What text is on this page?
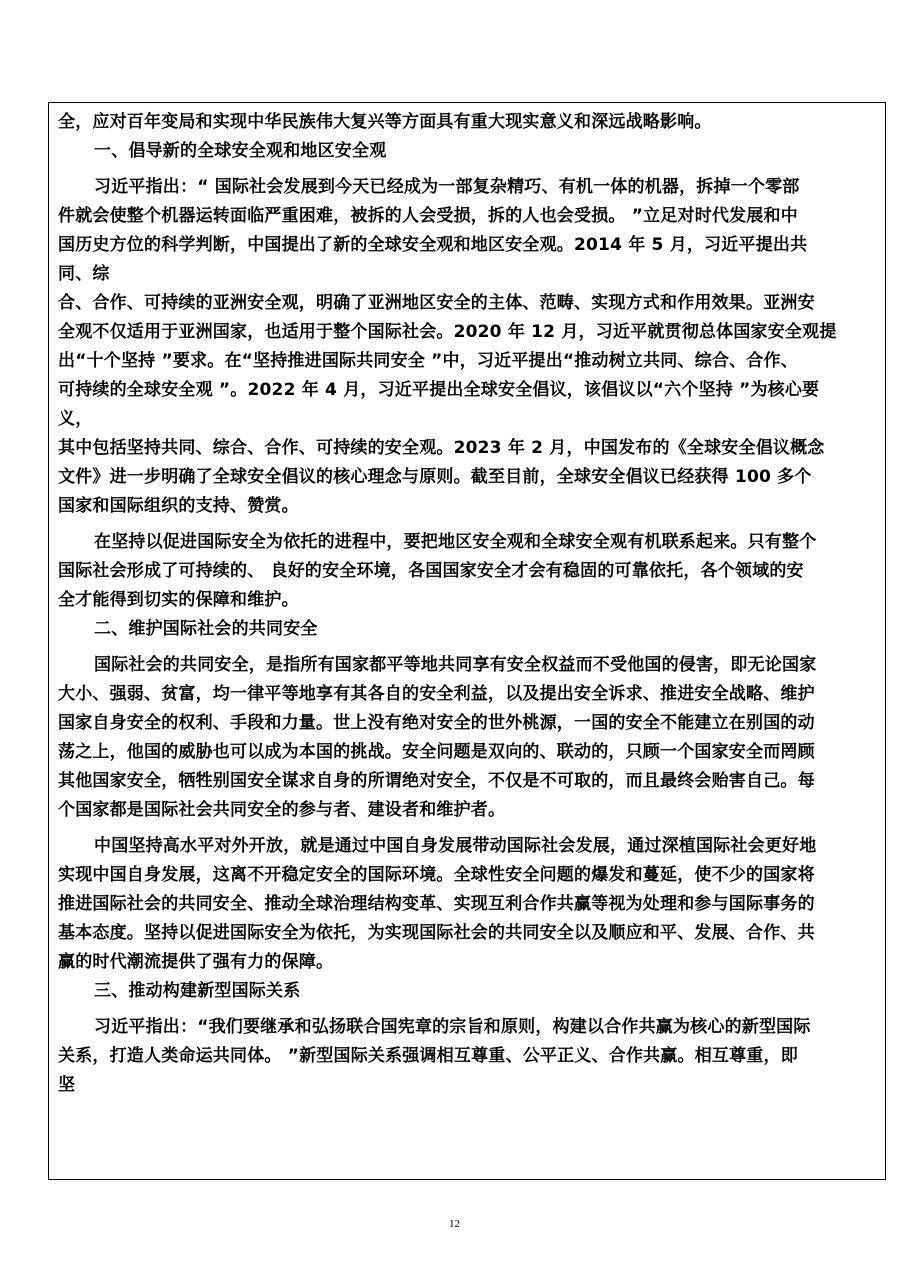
全，应对百年变局和实现中华民族伟大复兴等方面具有重大现实意义和深远战略影响。
一、倡导新的全球安全观和地区安全观
习近平指出：“ 国际社会发展到今天已经成为一部复杂精巧、有机一体的机器，拆掉一个零部
件就会使整个机器运转面临严重困难，被拆的人会受损，拆的人也会受损。 ”立足对时代发展和中
国历史方位的科学判断，中国提出了新的全球安全观和地区安全观。2014 年 5 月，习近平提出共
同、综
合、合作、可持续的亚洲安全观，明确了亚洲地区安全的主体、范畴、实现方式和作用效果。亚洲安
全观不仅适用于亚洲国家，也适用于整个国际社会。2020 年 12 月，习近平就贯彻总体国家安全观提
出“十个坚持 ”要求。在“坚持推进国际共同安全 ”中，习近平提出“推动树立共同、综合、合作、
可持续的全球安全观 ”。2022 年 4 月，习近平提出全球安全倡议，该倡议以“六个坚持 ”为核心要
义，
其中包括坚持共同、综合、合作、可持续的安全观。2023 年 2 月，中国发布的《全球安全倡议概念
文件》进一步明确了全球安全倡议的核心理念与原则。截至目前，全球安全倡议已经获得 100 多个
国家和国际组织的支持、赞赏。
在坚持以促进国际安全为依托的进程中，要把地区安全观和全球安全观有机联系起来。只有整个
国际社会形成了可持续的、 良好的安全环境，各国国家安全才会有稳固的可靠依托，各个领域的安
全才能得到切实的保障和维护。
二、维护国际社会的共同安全
国际社会的共同安全，是指所有国家都平等地共同享有安全权益而不受他国的侵害，即无论国家
大小、强弱、贫富，均一律平等地享有其各自的安全利益，以及提出安全诉求、推进安全战略、维护
国家自身安全的权利、手段和力量。世上没有绝对安全的世外桃源，一国的安全不能建立在别国的动
荡之上，他国的威胁也可以成为本国的挑战。安全问题是双向的、联动的，只顾一个国家安全而罔顾
其他国家安全，牺牲别国安全谋求自身的所谓绝对安全，不仅是不可取的，而且最终会贻害自己。每
个国家都是国际社会共同安全的参与者、建设者和维护者。
中国坚持高水平对外开放，就是通过中国自身发展带动国际社会发展，通过深植国际社会更好地
实现中国自身发展，这离不开稳定安全的国际环境。全球性安全问题的爆发和蔓延，使不少的国家将
推进国际社会的共同安全、推动全球治理结构变革、实现互利合作共赢等视为处理和参与国际事务的
基本态度。坚持以促进国际安全为依托，为实现国际社会的共同安全以及顺应和平、发展、合作、共
赢的时代潮流提供了强有力的保障。
三、推动构建新型国际关系
习近平指出：“我们要继承和弘扬联合国宪章的宗旨和原则，构建以合作共赢为核心的新型国际
关系，打造人类命运共同体。 ”新型国际关系强调相互尊重、公平正义、合作共赢。相互尊重，即
坚
12
